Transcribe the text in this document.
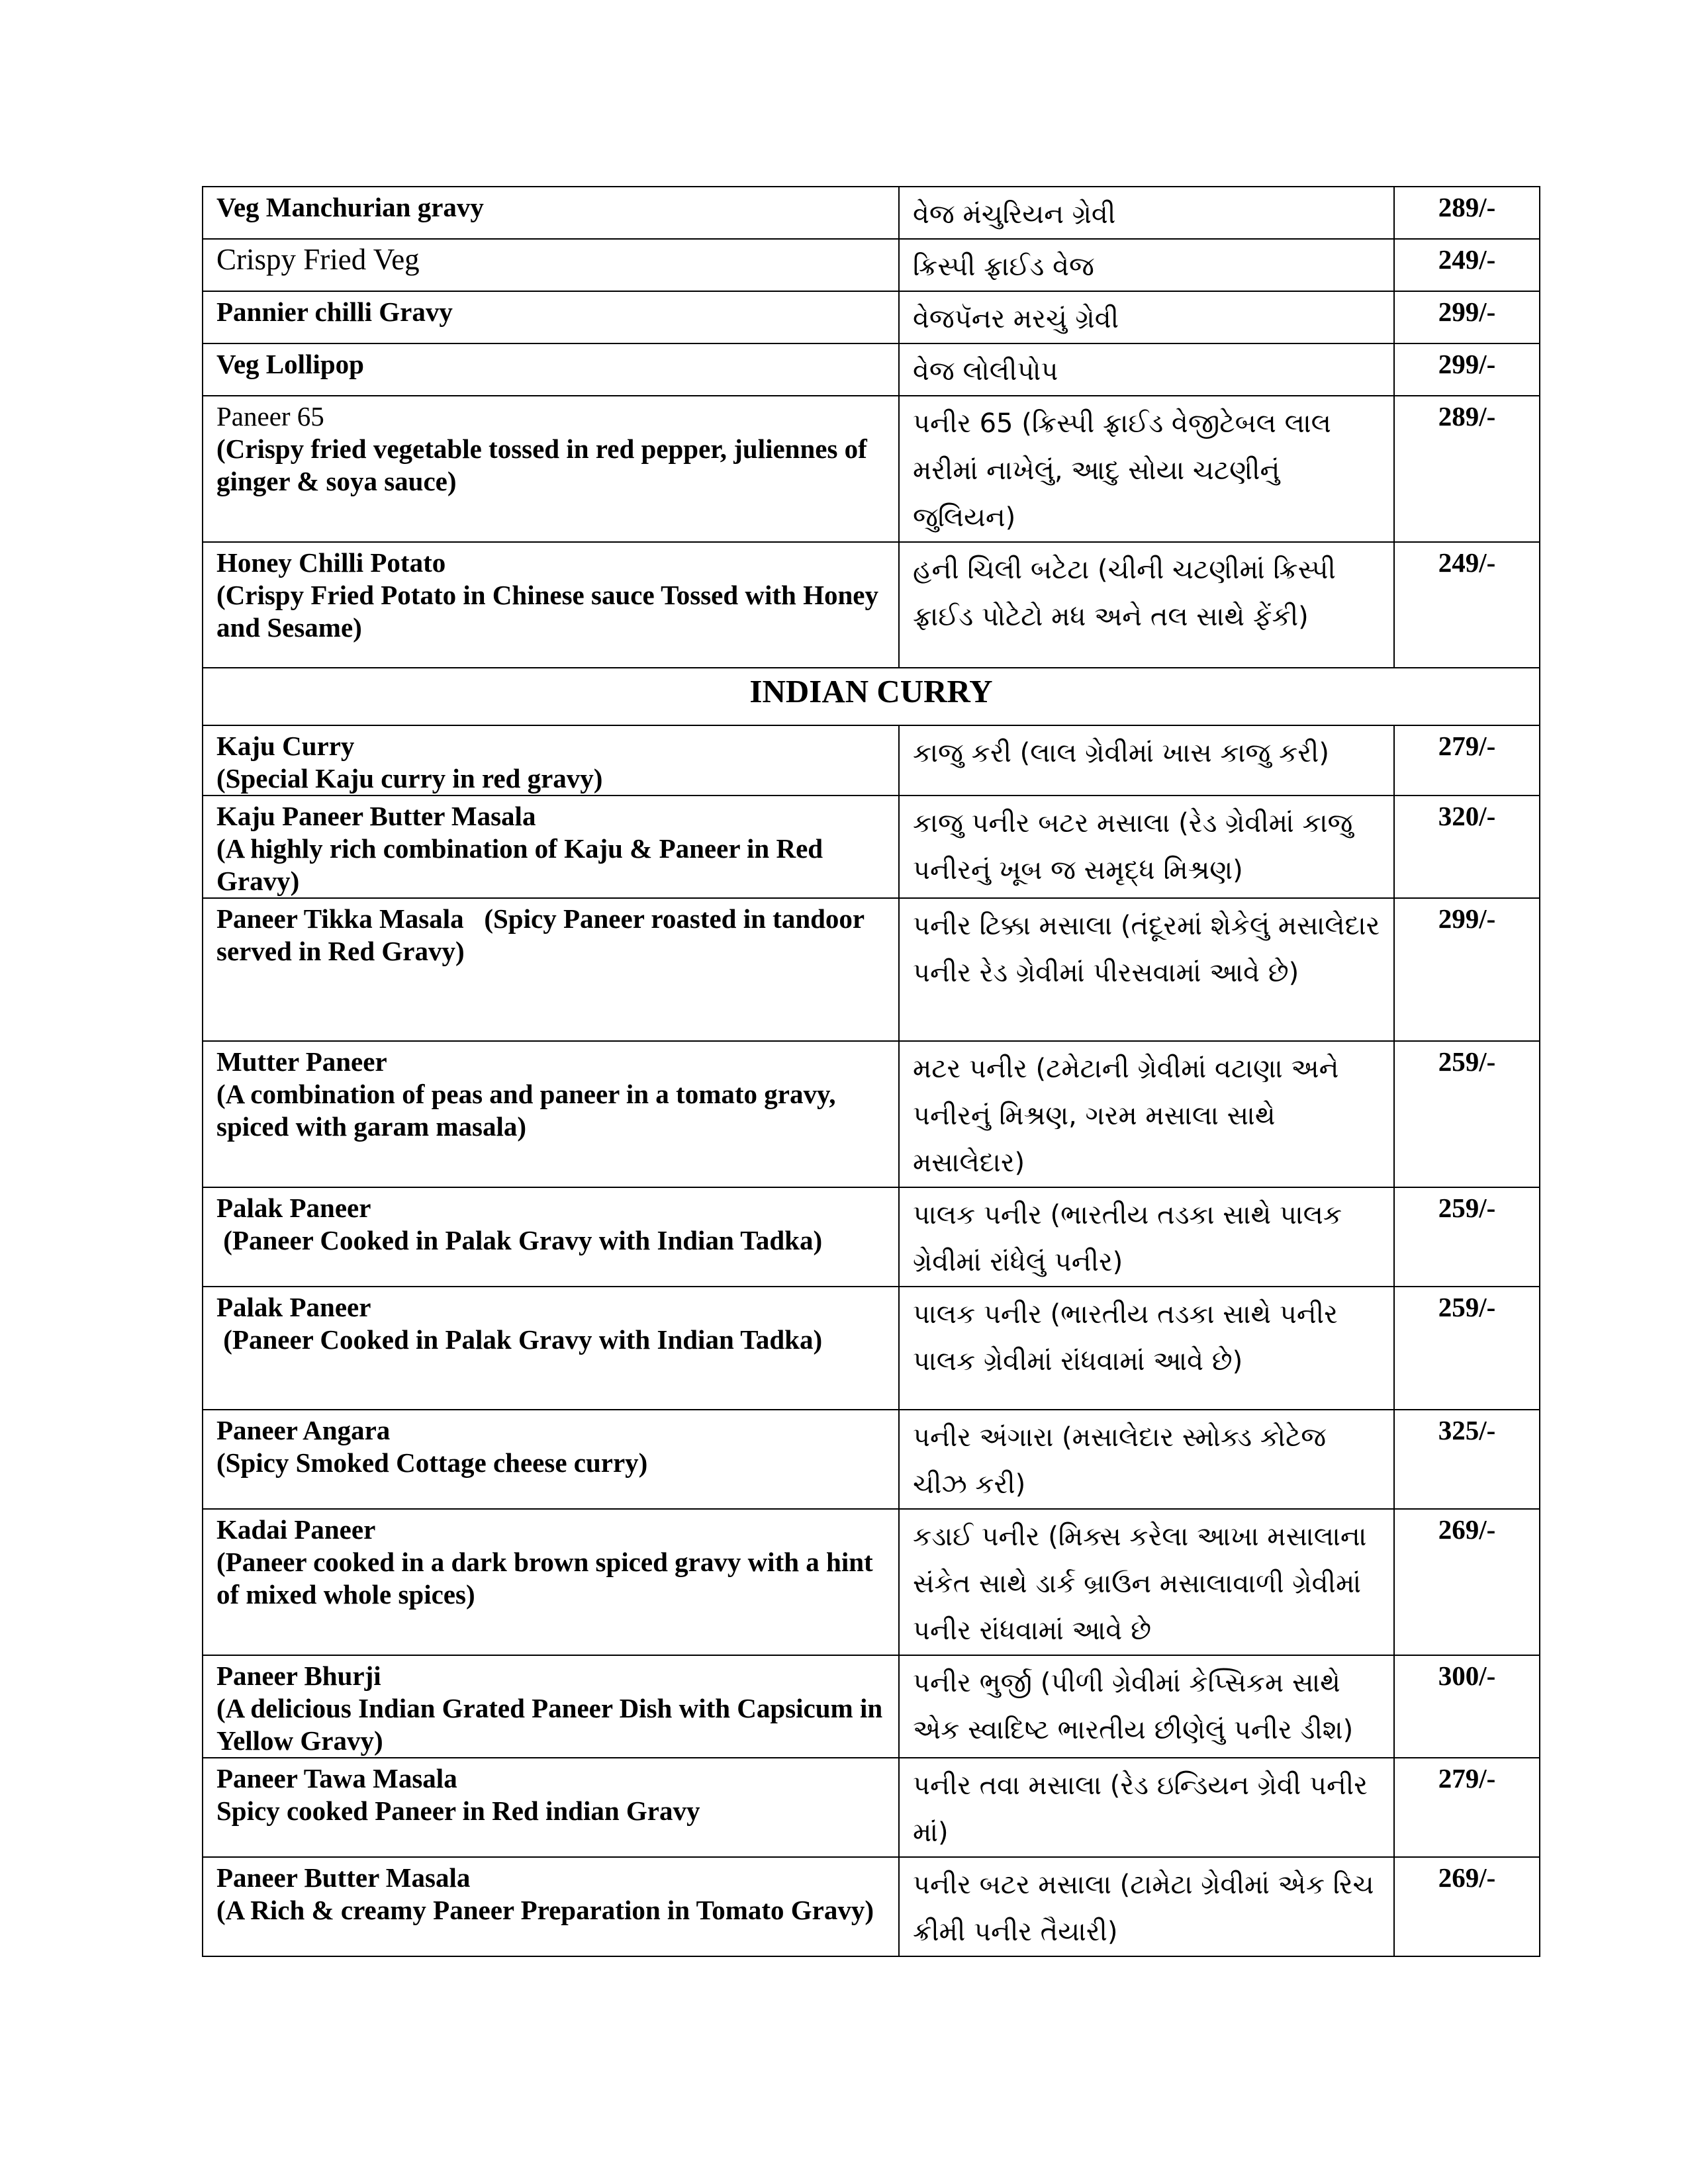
Veg Manchurian gravy	વેજ મંચુરિયન ગ્રેવી	289/-

Crispy Fried Veg	ક્રિસ્પી ફ્રાઈડ વેજ	249/-

Pannier chilli Gravy	વેજપૅનર મરચું ગ્રેવી	299/-

Veg Lollipop	વેજ લોલીપોપ	299/-

Paneer 65
(Crispy fried vegetable tossed in red pepper, juliennes of ginger & soya sauce)	પનીર 65 (ક્રિસ્પી ફ્રાઈડ વેજીટેબલ લાલ મરીમાં નાખેલું, આદુ સોયા ચટણીનું જુલિયન)	289/-

Honey Chilli Potato
(Crispy Fried Potato in Chinese sauce Tossed with Honey and Sesame)	હની ચિલી બટેટા (ચીની ચટણીમાં ક્રિસ્પી ફ્રાઈડ પોટેટો મધ અને તલ સાથે ફેંકી)	249/-
INDIAN CURRY		

Kaju Curry
(Special Kaju curry in red gravy)	કાજુ કરી (લાલ ગ્રેવીમાં ખાસ કાજુ કરી)	279/-

Kaju Paneer Butter Masala
(A highly rich combination of Kaju & Paneer in Red Gravy)	કાજુ પનીર બટર મસાલા (રેડ ગ્રેવીમાં કાજુ પનીરનું ખૂબ જ સમૃદ્ધ મિશ્રણ)	320/-

Paneer Tikka Masala   (Spicy Paneer roasted in tandoor served in Red Gravy)	પનીર ટિક્કા મસાલા (તંદૂરમાં શેકેલું મસાલેદાર પનીર રેડ ગ્રેવીમાં પીરસવામાં આવે છે)	299/-

Mutter Paneer
(A combination of peas and paneer in a tomato gravy, spiced with garam masala)	મટર પનીર (ટમેટાની ગ્રેવીમાં વટાણા અને પનીરનું મિશ્રણ, ગરમ મસાલા સાથે મસાલેદાર)	259/-

Palak Paneer
(Paneer Cooked in Palak Gravy with Indian Tadka)	પાલક પનીર (ભારતીય તડકા સાથે પાલક ગ્રેવીમાં રાંધેલું પનીર)	259/-

Palak Paneer
(Paneer Cooked in Palak Gravy with Indian Tadka)	પાલક પનીર (ભારતીય તડકા સાથે પનીર પાલક ગ્રેવીમાં રાંધવામાં આવે છે)	259/-

Paneer Angara
(Spicy Smoked Cottage cheese curry)	પનીર અંગારા (મસાલેદાર સ્મોક્ડ કોટેજ ચીઝ કરી)	325/-

Kadai Paneer
(Paneer cooked in a dark brown spiced gravy with a hint of mixed whole spices)	કડાઈ પનીર (મિક્સ કરેલા આખા મસાલાના સંકેત સાથે ડાર્ક બ્રાઉન મસાલાવાળી ગ્રેવીમાં પનીર રાંધવામાં આવે છે	269/-

Paneer Bhurji
(A delicious Indian Grated Paneer Dish with Capsicum in Yellow Gravy)	પનીર ભુર્જી (પીળી ગ્રેવીમાં કેપ્સિકમ સાથે એક સ્વાદિષ્ટ ભારતીય છીણેલું પનીર ડીશ)	300/-

Paneer Tawa Masala
Spicy cooked Paneer in Red indian Gravy	પનીર તવા મસાલા (રેડ ઇન્ડિયન ગ્રેવી પનીર માં)	279/-

Paneer Butter Masala
(A Rich & creamy Paneer Preparation in Tomato Gravy)	પનીર બટર મસાલા (ટામેટા ગ્રેવીમાં એક રિચ ક્રીમી પનીર તૈયારી)	269/-
